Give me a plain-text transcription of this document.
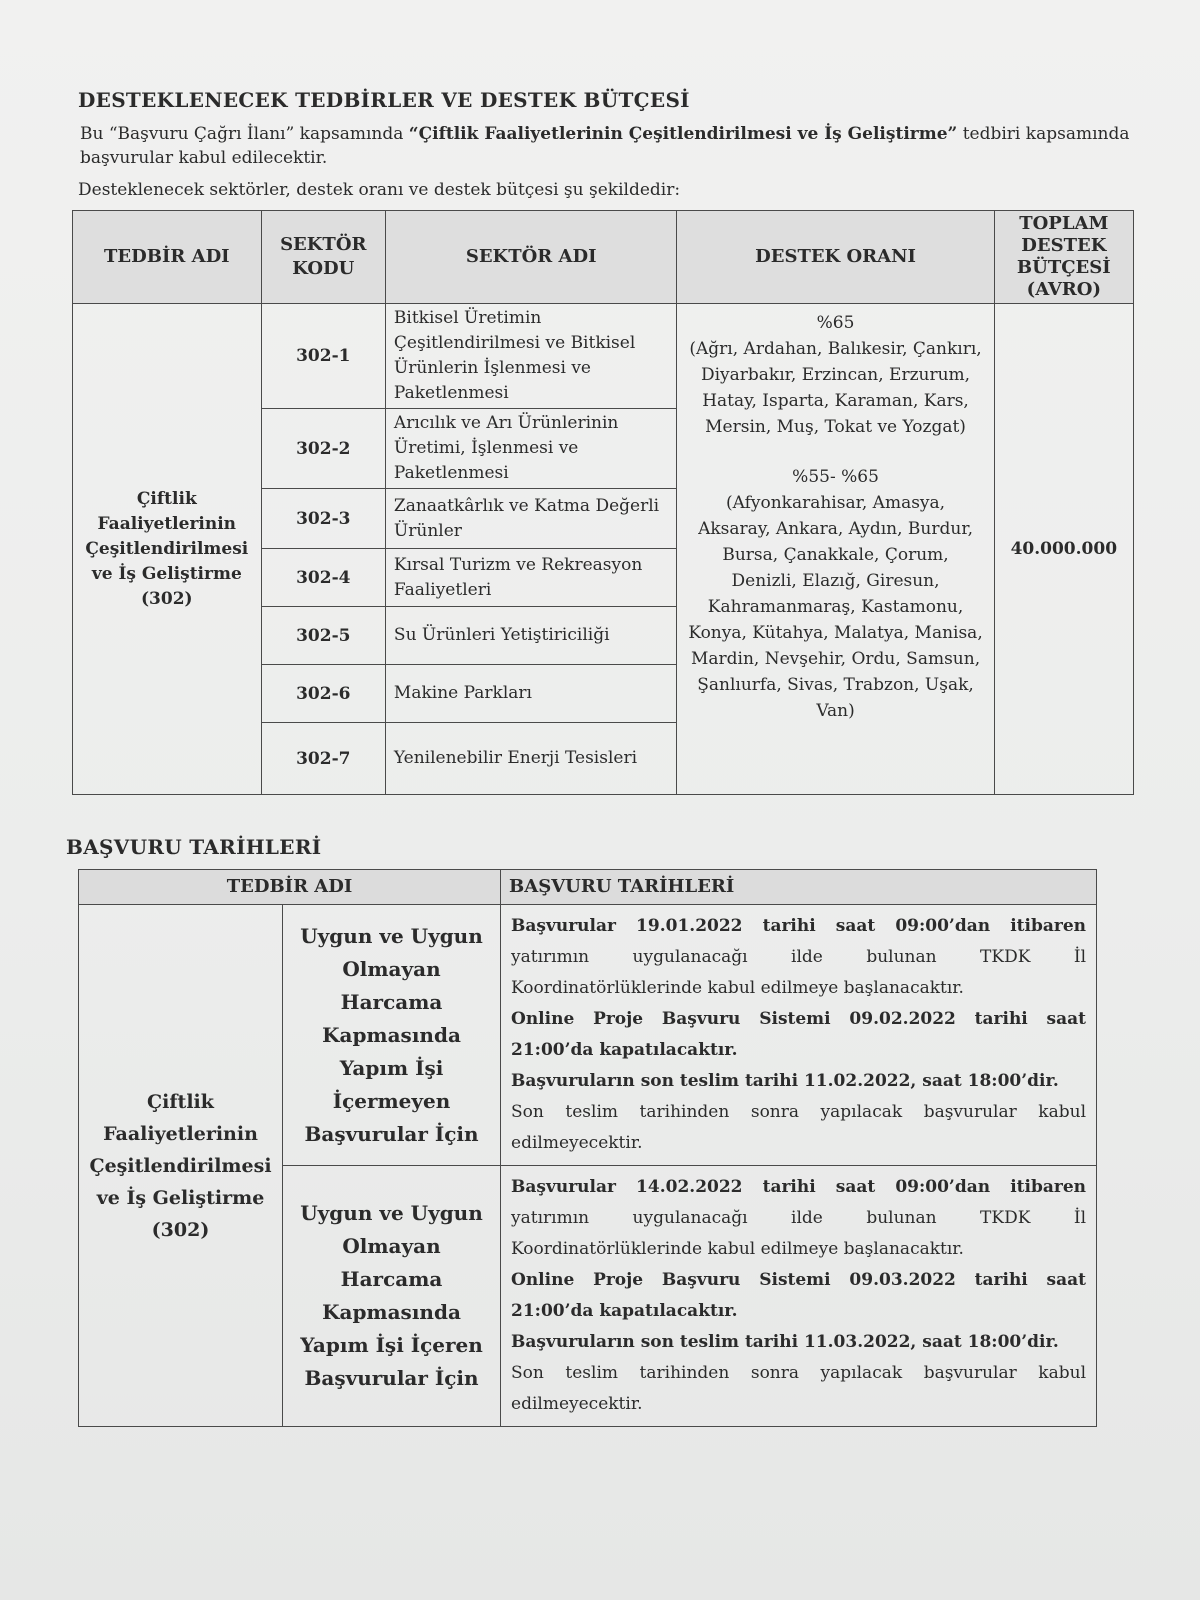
DESTEKLENECEK TEDBİRLER VE DESTEK BÜTÇESİ

Bu “Başvuru Çağrı İlanı” kapsamında “Çiftlik Faaliyetlerinin Çeşitlendirilmesi ve İş Geliştirme” tedbiri kapsamında başvurular kabul edilecektir.

Desteklenecek sektörler, destek oranı ve destek bütçesi şu şekildedir:

TEDBİR ADI	SEKTÖR KODU	SEKTÖR ADI	DESTEK ORANI	TOPLAM DESTEK BÜTÇESİ (AVRO)
Çiftlik Faaliyetlerinin Çeşitlendirilmesi ve İş Geliştirme (302)	302-1	Bitkisel Üretimin Çeşitlendirilmesi ve Bitkisel Ürünlerin İşlenmesi ve Paketlenmesi	%65
(Ağrı, Ardahan, Balıkesir, Çankırı, Diyarbakır, Erzincan, Erzurum, Hatay, Isparta, Karaman, Kars, Mersin, Muş, Tokat ve Yozgat)
%55- %65
(Afyonkarahisar, Amasya, Aksaray, Ankara, Aydın, Burdur, Bursa, Çanakkale, Çorum, Denizli, Elazığ, Giresun, Kahramanmaraş, Kastamonu, Konya, Kütahya, Malatya, Manisa, Mardin, Nevşehir, Ordu, Samsun, Şanlıurfa, Sivas, Trabzon, Uşak, Van)	40.000.000
	302-2	Arıcılık ve Arı Ürünlerinin Üretimi, İşlenmesi ve Paketlenmesi		
	302-3	Zanaatkârlık ve Katma Değerli Ürünler		
	302-4	Kırsal Turizm ve Rekreasyon Faaliyetleri		
	302-5	Su Ürünleri Yetiştiriciliği		
	302-6	Makine Parkları		
	302-7	Yenilenebilir Enerji Tesisleri		
BAŞVURU TARİHLERİ
TEDBİR ADI		BAŞVURU TARİHLERİ
Çiftlik Faaliyetlerinin Çeşitlendirilmesi ve İş Geliştirme (302)	Uygun ve Uygun Olmayan Harcama Kapmasında Yapım İşi İçermeyen Başvurular İçin	Başvurular 19.01.2022 tarihi saat 09:00’dan itibaren yatırımın uygulanacağı ilde bulunan TKDK İl Koordinatörlüklerinde kabul edilmeye başlanacaktır.

Online Proje Başvuru Sistemi 09.02.2022 tarihi saat 21:00’da kapatılacaktır.

Başvuruların son teslim tarihi 11.02.2022, saat 18:00’dir.

Son teslim tarihinden sonra yapılacak başvurular kabul edilmeyecektir.

	Uygun ve Uygun Olmayan Harcama Kapmasında Yapım İşi İçeren Başvurular İçin	Başvurular 14.02.2022 tarihi saat 09:00’dan itibaren yatırımın uygulanacağı ilde bulunan TKDK İl Koordinatörlüklerinde kabul edilmeye başlanacaktır.

Online Proje Başvuru Sistemi 09.03.2022 tarihi saat 21:00’da kapatılacaktır.

Başvuruların son teslim tarihi 11.03.2022, saat 18:00’dir.

Son teslim tarihinden sonra yapılacak başvurular kabul edilmeyecektir.
